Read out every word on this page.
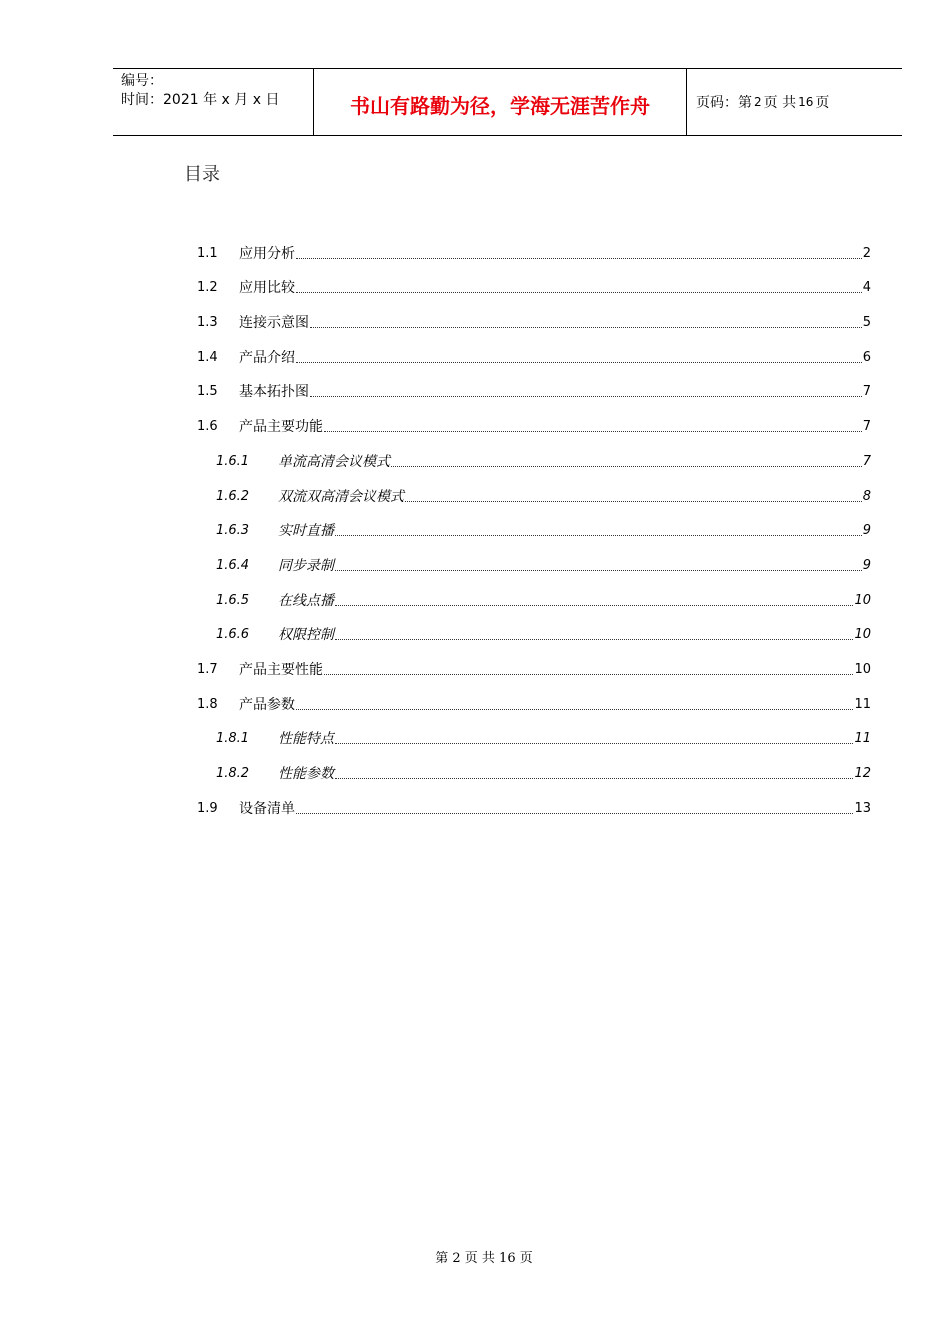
编号：
时间：2021 年 x 月 x 日	书山有路勤为径，学海无涯苦作舟	页码：第 2 页 共 16 页
目录
1.1	应用分析	2
1.2	应用比较	4
1.3	连接示意图	5
1.4	产品介绍	6
1.5	基本拓扑图	7
1.6	产品主要功能	7
1.6.1	单流高清会议模式	7
1.6.2	双流双高清会议模式	8
1.6.3	实时直播	9
1.6.4	同步录制	9
1.6.5	在线点播	10
1.6.6	权限控制	10
1.7	产品主要性能	10
1.8	产品参数	11
1.8.1	性能特点	11
1.8.2	性能参数	12
1.9	设备清单	13
第 2 页 共 16 页
